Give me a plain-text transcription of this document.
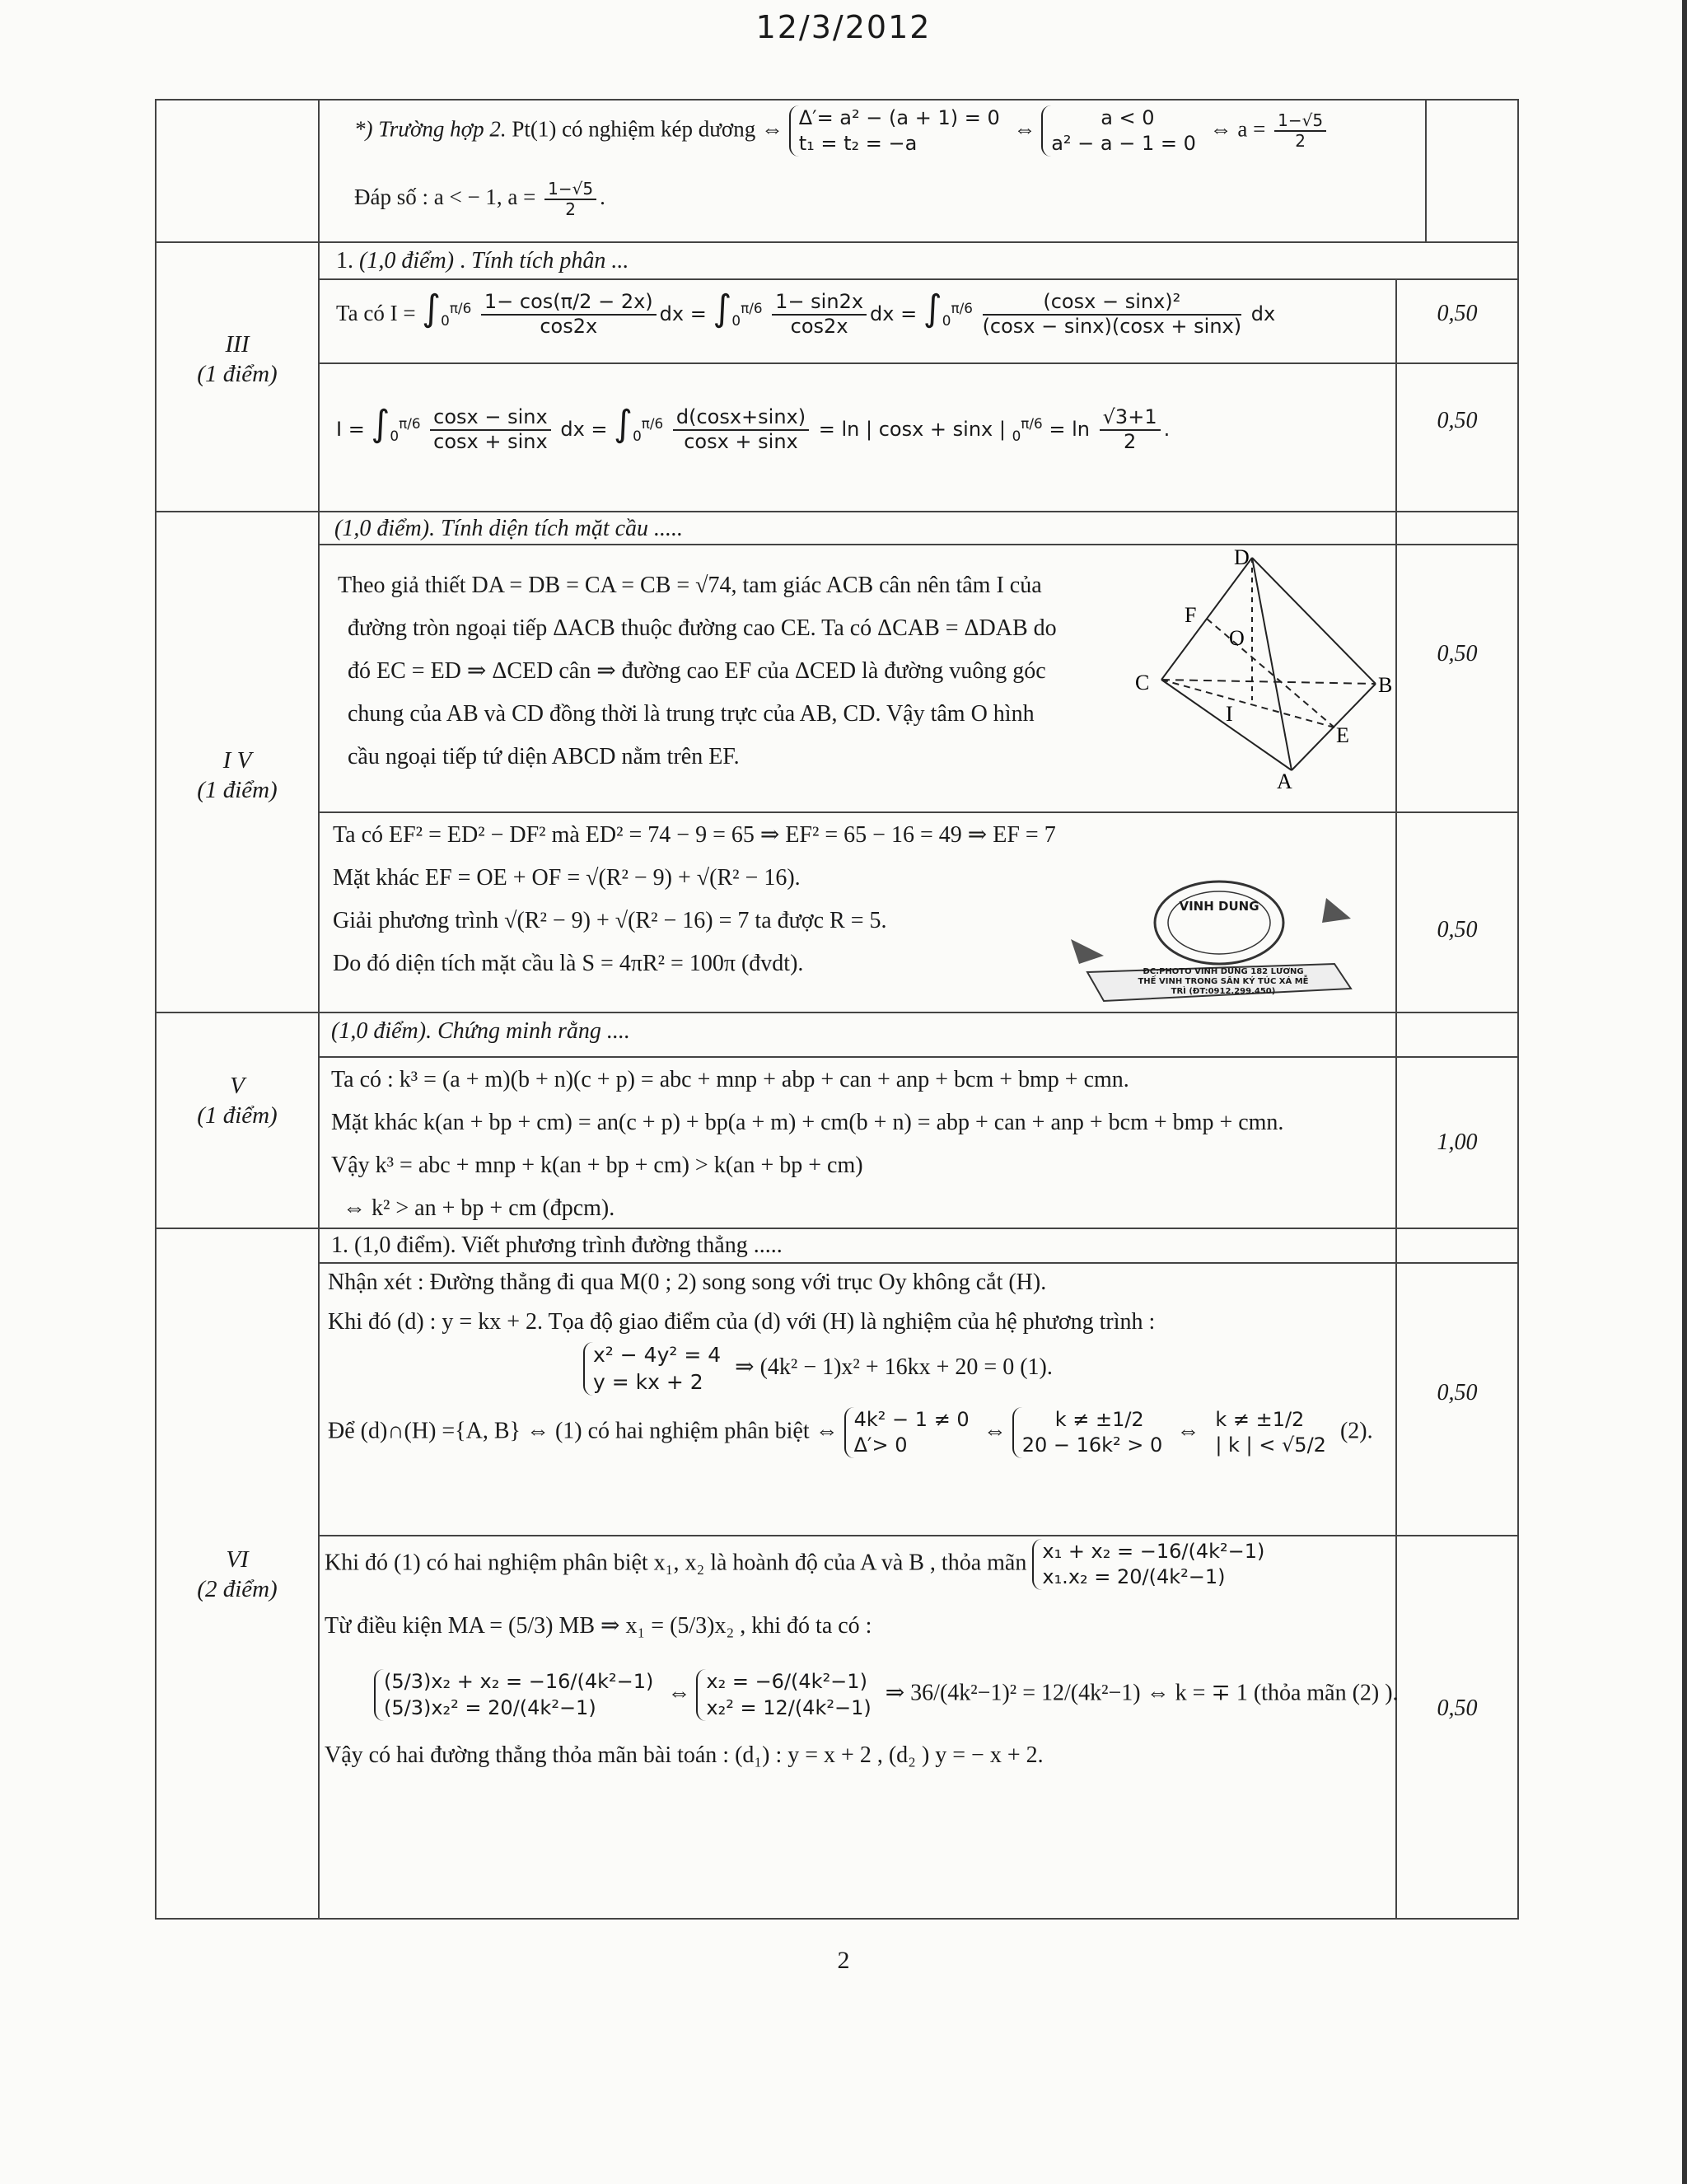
12/3/2012

*) Trường hợp 2. Pt(1) có nghiệm kép dương ⇔ Δ′= a² − (a + 1) = 0
t₁ = t₂ = −a
⇔	a < 0
a² − a − 1 = 0
⇔ $a = \frac{1-√5}{2}$

Đáp số : a < − 1, $a = \frac{1-√5}{2}$ .

III
(1 điểm)
1. (1,0 điểm) . Tính tích phân ...

Ta có $I = \int_0^{\pi/6} \frac{1- \cos(\pi/2 - 2x)}{\cos 2x}$ dx = $\int_0^{\pi/6} \frac{1- \sin 2x}{\cos 2x}$ dx = $\int_0^{\pi/6} \frac{\text{(cosx − sinx)²}}{(\cos x - \sin x)(\cos x + \sin x)}$ dx	0,50

$I = \int_0^{\pi/6} \frac{\cos x - \sin x}{\cos x + \sin x}$ dx = $\int_0^{\pi/6} \frac{d(\cos x+\sin x)}{\cos x + \sin x} = \ln$ | cosx + sinx | $_0^{\pi/6} = \ln \frac{√3+1}{2}$ .	0,50
I V
(1 điểm)
(1,0 điểm). Tính diện tích mặt cầu .....

Theo giả thiết DA = DB = CA = CB = √74, tam giác ACB cân nên tâm I của

đường tròn ngoại tiếp ΔACB thuộc đường cao CE. Ta có ΔCAB = ΔDAB do

đó EC = ED ⇒ ΔCED cân ⇒ đường cao EF của ΔCED là đường vuông góc

chung của AB và CD đồng thời là trung trực của AB, CD. Vậy tâm O hình

cầu ngoại tiếp tứ diện ABCD nằm trên EF.

D
F
O
C	B
I
E
A
0,50

Ta có EF² = ED² − DF² mà ED² = 74 − 9 = 65 ⇒ EF² = 65 − 16 = 49 ⇒ EF = 7

Mặt khác EF = OE + OF = √(R² − 9) + √(R² − 16).

Giải phương trình √(R² − 9) + √(R² − 16) = 7 ta được R = 5.

Do đó diện tích mặt cầu là S = 4πR² = 100π (đvdt).

0,50
VINH DUNG
ĐC:PHOTO VINH DUNG 182 LƯƠNG
THẾ VINH TRONG SÂN KÝ TÚC XÁ MỄ
TRÌ (ĐT:0912.299.450)
V
(1 điểm)
(1,0 điểm). Chứng minh rằng ....

Ta có : k³ = (a + m)(b + n)(c + p) = abc + mnp + abp + can + anp + bcm + bmp + cmn.

Mặt khác k(an + bp + cm) = an(c + p) + bp(a + m) + cm(b + n) = abp + can + anp + bcm + bmp + cmn.

Vậy k³ = abc + mnp + k(an + bp + cm) > k(an + bp + cm)

⇔ k² > an + bp + cm (đpcm).

1,00
VI
(2 điểm)
1. (1,0 điểm). Viết phương trình đường thẳng .....

Nhận xét : Đường thẳng đi qua M(0 ; 2) song song với trục Oy không cắt (H).

Khi đó (d) : y = kx + 2. Tọa độ giao điểm của (d) với (H) là nghiệm của hệ phương trình :

x² − 4y² = 4
y = kx + 2
⇒ (4k² − 1)x² + 16kx + 20 = 0 (1).

Để (d)∩(H) ={A, B} ⇔ (1) có hai nghiệm phân biệt ⇔ 4k² − 1 ≠ 0
Δ′> 0
⇔	k ≠ ±1/2
20 − 16k² > 0
⇔ k ≠ ±1/2
| k | < √5/2
(2).

0,50

Khi đó (1) có hai nghiệm phân biệt x₁, x₂ là hoành độ của A và B , thỏa mãn x₁ + x₂ = −16/(4k²−1)
x₁.x₂ = 20/(4k²−1)

Từ điều kiện MA = (5/3) MB ⇒ x₁ = (5/3)x₂ , khi đó ta có :

(5/3)x₂ + x₂ = −16/(4k²−1)
(5/3)x₂² = 20/(4k²−1)
⇔ x₂ = −6/(4k²−1)
x₂² = 12/(4k²−1)
⇒ 36/(4k²−1)² = 12/(4k²−1) ⇔ k = ∓ 1 (thỏa mãn (2) ).

Vậy có hai đường thẳng thỏa mãn bài toán : (d₁) : y = x + 2 , (d₂ ) y = − x + 2.

0,50
2
